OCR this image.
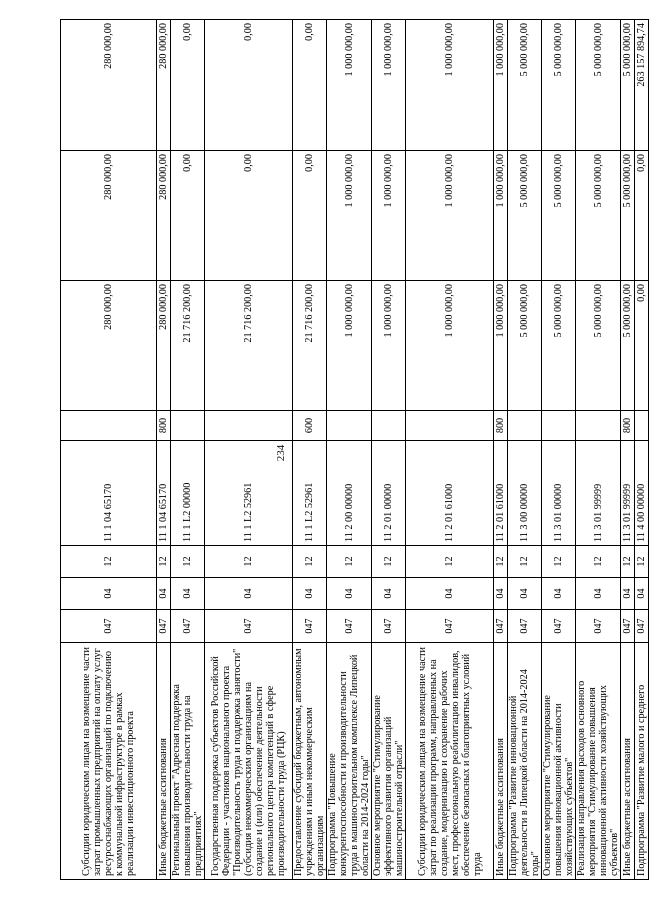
234
Субсидии юридическим лицам на возмещение части затрат промышленных предприятий на оплату услуг ресурсоснабжающих организаций по подключению к коммунальной инфраструктуре в рамках реализации инвестиционного проекта	047	04	12	11 1 04 65170		280 000,00	280 000,00	280 000,00
Иные бюджетные ассигнования	047	04	12	11 1 04 65170	800	280 000,00	280 000,00	280 000,00
Региональный проект "Адресная поддержка повышения производительности труда на предприятиях"	047	04	12	11 1 L2 00000		21 716 200,00	0,00	0,00
Государственная поддержка субъектов Российской Федерации - участников национального проекта "Производительность труда и поддержка занятости" (субсидия некоммерческим организациям на создание и (или) обеспечение деятельности регионального центра компетенций в сфере производительности труда (РЦК)	047	04	12	11 1 L2 52961		21 716 200,00	0,00	0,00
Предоставление субсидий бюджетным, автономным учреждениям и иным некоммерческим организациям	047	04	12	11 1 L2 52961	600	21 716 200,00	0,00	0,00
Подпрограмма "Повышение конкурентоспособности и производительности труда в машиностроительном комплексе Липецкой области на 2014-2024 годы"	047	04	12	11 2 00 00000		1 000 000,00	1 000 000,00	1 000 000,00
Основное мероприятие "Стимулирование эффективного развития организаций машиностроительной отрасли"	047	04	12	11 2 01 00000		1 000 000,00	1 000 000,00	1 000 000,00
Субсидии юридическим лицам на возмещение части затрат по реализации программ, направленных на создание, модернизацию и сохранение рабочих мест, профессиональную реабилитацию инвалидов, обеспечение безопасных и благоприятных условий труда	047	04	12	11 2 01 61000		1 000 000,00	1 000 000,00	1 000 000,00
Иные бюджетные ассигнования	047	04	12	11 2 01 61000	800	1 000 000,00	1 000 000,00	1 000 000,00
Подпрограмма "Развитие инновационной деятельности в Липецкой области на 2014-2024 годы"	047	04	12	11 3 00 00000		5 000 000,00	5 000 000,00	5 000 000,00
Основное мероприятие "Стимулирование повышения инновационной активности хозяйствующих субъектов"	047	04	12	11 3 01 00000		5 000 000,00	5 000 000,00	5 000 000,00
Реализация направления расходов основного мероприятия "Стимулирование повышения инновационной активности хозяйствующих субъектов"	047	04	12	11 3 01 99999		5 000 000,00	5 000 000,00	5 000 000,00
Иные бюджетные ассигнования	047	04	12	11 3 01 99999	800	5 000 000,00	5 000 000,00	5 000 000,00
Подпрограмма "Развитие малого и среднего	047	04	12	11 4 00 00000		0,00	0,00	263 157 894,74
